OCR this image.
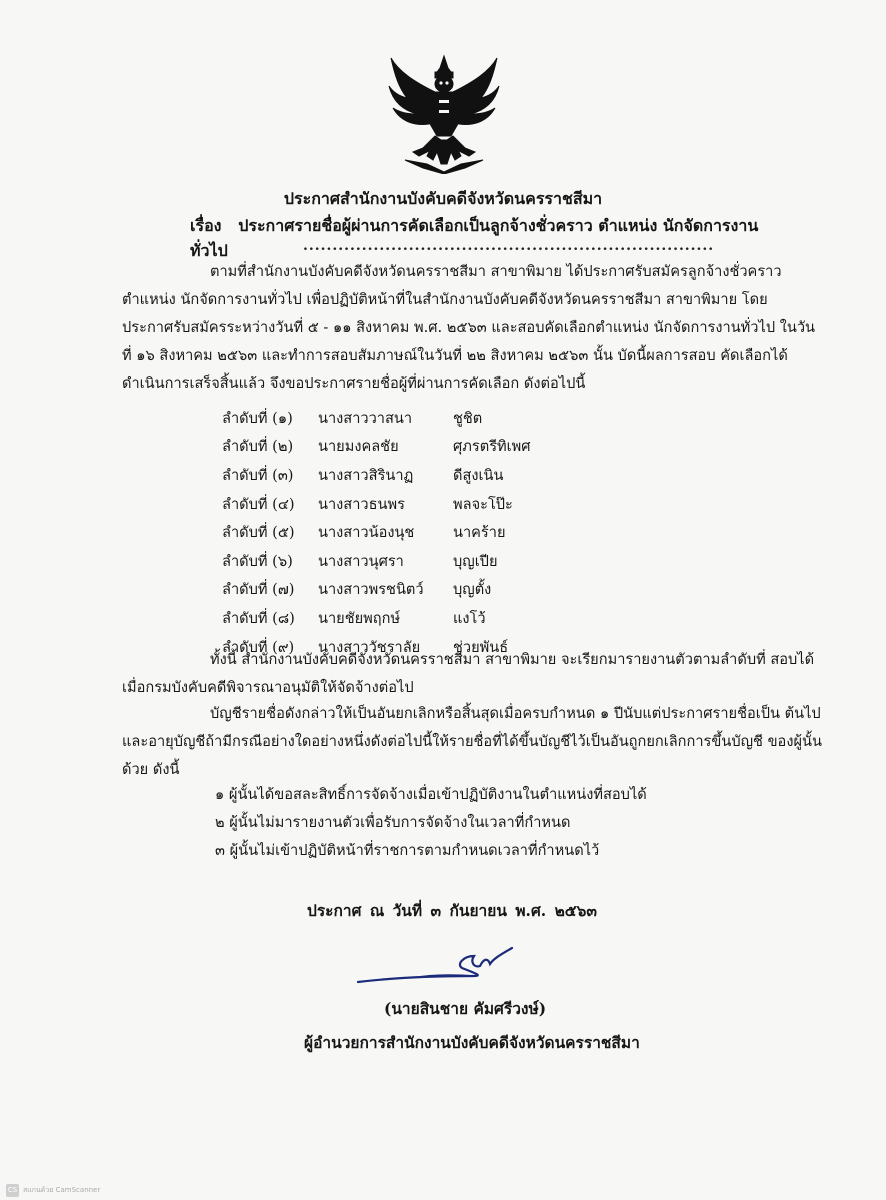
ประกาศสำนักงานบังคับคดีจังหวัดนครราชสีมา
เรื่อง ประกาศรายชื่อผู้ผ่านการคัดเลือกเป็นลูกจ้างชั่วคราว ตำแหน่ง นักจัดการงานทั่วไป	......................................................................
ตามที่สำนักงานบังคับคดีจังหวัดนครราชสีมา สาขาพิมาย ได้ประกาศรับสมัครลูกจ้างชั่วคราว ตำแหน่ง นักจัดการงานทั่วไป เพื่อปฏิบัติหน้าที่ในสำนักงานบังคับคดีจังหวัดนครราชสีมา สาขาพิมาย โดย ประกาศรับสมัครระหว่างวันที่ ๕ - ๑๑ สิงหาคม พ.ศ. ๒๕๖๓ และสอบคัดเลือกตำแหน่ง นักจัดการงานทั่วไป ในวันที่ ๑๖ สิงหาคม ๒๕๖๓ และทำการสอบสัมภาษณ์ในวันที่ ๒๒ สิงหาคม ๒๕๖๓ นั้น บัดนี้ผลการสอบ คัดเลือกได้ดำเนินการเสร็จสิ้นแล้ว จึงขอประกาศรายชื่อผู้ที่ผ่านการคัดเลือก ดังต่อไปนี้
ลำดับที่ (๑)	นางสาววาสนา	ชูชิต
ลำดับที่ (๒)	นายมงคลชัย	ศุภรตรีทิเพศ
ลำดับที่ (๓)	นางสาวสิรินาฏ	ดีสูงเนิน
ลำดับที่ (๔)	นางสาวธนพร	พลจะโป๊ะ
ลำดับที่ (๕)	นางสาวน้องนุช	นาคร้าย
ลำดับที่ (๖)	นางสาวนุศรา	บุญเปีย
ลำดับที่ (๗)	นางสาวพรชนิตว์	บุญตั้ง
ลำดับที่ (๘)	นายชัยพฤกษ์	แงโว้
ลำดับที่ (๙)	นางสาววัชราลัย	ช่วยพันธ์
ทั้งนี้ สำนักงานบังคับคดีจังหวัดนครราชสีมา สาขาพิมาย จะเรียกมารายงานตัวตามลำดับที่ สอบได้เมื่อกรมบังคับคดีพิจารณาอนุมัติให้จัดจ้างต่อไป
บัญชีรายชื่อดังกล่าวให้เป็นอันยกเลิกหรือสิ้นสุดเมื่อครบกำหนด ๑ ปีนับแต่ประกาศรายชื่อเป็น ต้นไปและอายุบัญชีถ้ามีกรณีอย่างใดอย่างหนึ่งดังต่อไปนี้ให้รายชื่อที่ได้ขึ้นบัญชีไว้เป็นอันถูกยกเลิกการขึ้นบัญชี ของผู้นั้นด้วย ดังนี้
๑ ผู้นั้นได้ขอสละสิทธิ์การจัดจ้างเมื่อเข้าปฏิบัติงานในตำแหน่งที่สอบได้
๒ ผู้นั้นไม่มารายงานตัวเพื่อรับการจัดจ้างในเวลาที่กำหนด
๓ ผู้นั้นไม่เข้าปฏิบัติหน้าที่ราชการตามกำหนดเวลาที่กำหนดไว้
ประกาศ ณ วันที่ ๓ กันยายน พ.ศ. ๒๕๖๓
(นายสินชาย คัมศรีวงษ์)
ผู้อำนวยการสำนักงานบังคับคดีจังหวัดนครราชสีมา
CS สแกนด้วย CamScanner
